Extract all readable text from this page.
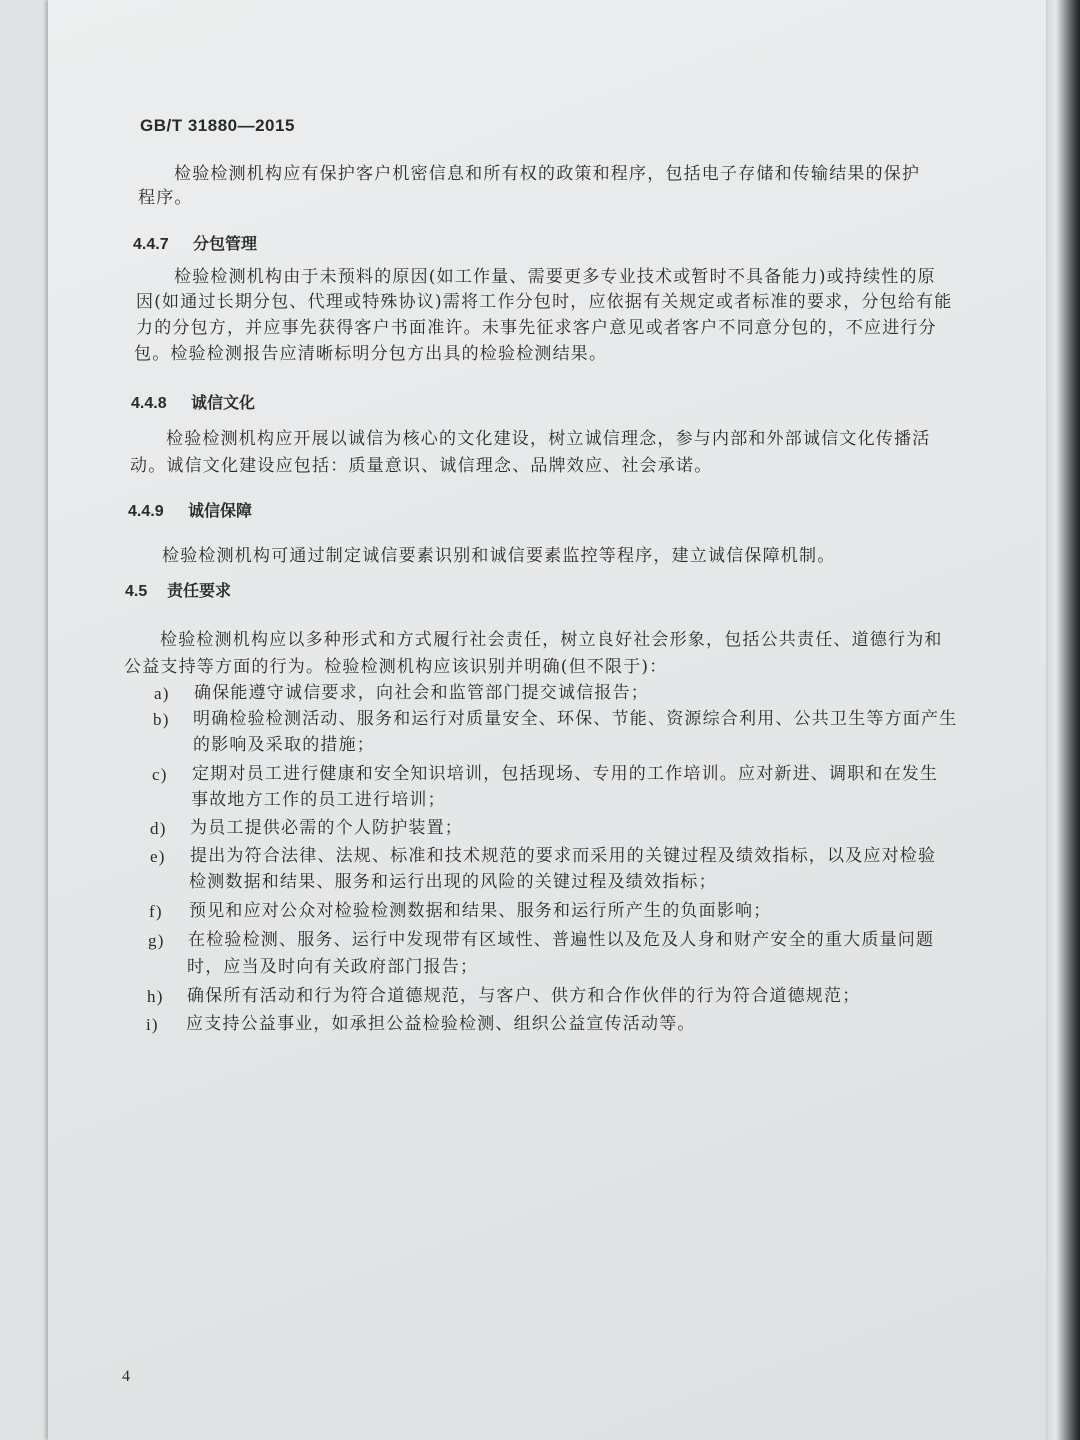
GB/T 31880—2015
检验检测机构应有保护客户机密信息和所有权的政策和程序，包括电子存储和传输结果的保护
程序。
4.4.7 分包管理
检验检测机构由于未预料的原因(如工作量、需要更多专业技术或暂时不具备能力)或持续性的原
因(如通过长期分包、代理或特殊协议)需将工作分包时，应依据有关规定或者标准的要求，分包给有能
力的分包方，并应事先获得客户书面准许。未事先征求客户意见或者客户不同意分包的，不应进行分
包。检验检测报告应清晰标明分包方出具的检验检测结果。
4.4.8 诚信文化
检验检测机构应开展以诚信为核心的文化建设，树立诚信理念，参与内部和外部诚信文化传播活
动。诚信文化建设应包括：质量意识、诚信理念、品牌效应、社会承诺。
4.4.9 诚信保障
检验检测机构可通过制定诚信要素识别和诚信要素监控等程序，建立诚信保障机制。
4.5 责任要求
检验检测机构应以多种形式和方式履行社会责任，树立良好社会形象，包括公共责任、道德行为和
公益支持等方面的行为。检验检测机构应该识别并明确(但不限于)：
a) 确保能遵守诚信要求，向社会和监管部门提交诚信报告；
b) 明确检验检测活动、服务和运行对质量安全、环保、节能、资源综合利用、公共卫生等方面产生
的影响及采取的措施；
c) 定期对员工进行健康和安全知识培训，包括现场、专用的工作培训。应对新进、调职和在发生
事故地方工作的员工进行培训；
d) 为员工提供必需的个人防护装置；
e) 提出为符合法律、法规、标准和技术规范的要求而采用的关键过程及绩效指标，以及应对检验
检测数据和结果、服务和运行出现的风险的关键过程及绩效指标；
f) 预见和应对公众对检验检测数据和结果、服务和运行所产生的负面影响；
g) 在检验检测、服务、运行中发现带有区域性、普遍性以及危及人身和财产安全的重大质量问题
时，应当及时向有关政府部门报告；
h) 确保所有活动和行为符合道德规范，与客户、供方和合作伙伴的行为符合道德规范；
i) 应支持公益事业，如承担公益检验检测、组织公益宣传活动等。
4
